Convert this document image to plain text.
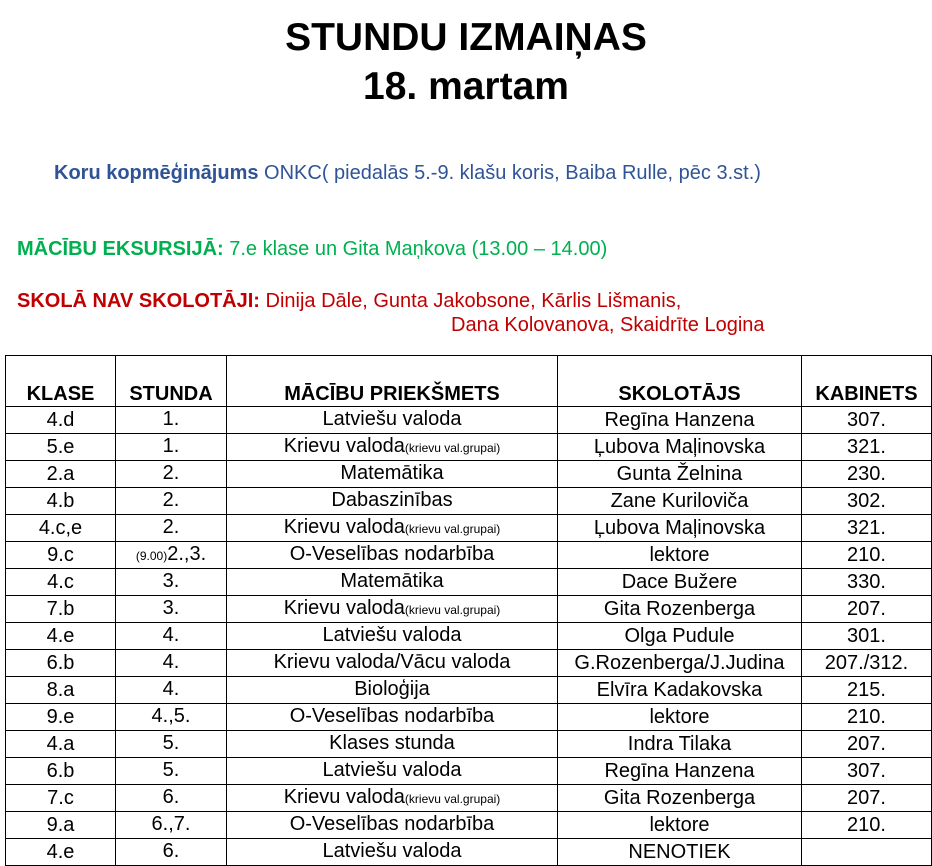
STUNDU IZMAIŅAS
18. martam
Koru kopmēģinājums ONKC( piedalās 5.-9. klašu koris, Baiba Rulle, pēc 3.st.)
MĀCĪBU EKSURSIJĀ: 7.e klase un Gita Maņkova (13.00 – 14.00)
SKOLĀ NAV SKOLOTĀJI: Dinija Dāle, Gunta Jakobsone, Kārlis Lišmanis,
Dana Kolovanova, Skaidrīte Logina
KLASE	STUNDA	MĀCĪBU PRIEKŠMETS	SKOLOTĀJS	KABINETS
4.d	1.	Latviešu valoda	Regīna Hanzena	307.
5.e	1.	Krievu valoda(krievu val.grupai)	Ļubova Maļinovska	321.
2.a	2.	Matemātika	Gunta Želnina	230.
4.b	2.	Dabaszinības	Zane Kuriloviča	302.
4.c,e	2.	Krievu valoda(krievu val.grupai)	Ļubova Maļinovska	321.
9.c	(9.00)2.,3.	O-Veselības nodarbība	lektore	210.
4.c	3.	Matemātika	Dace Bužere	330.
7.b	3.	Krievu valoda(krievu val.grupai)	Gita Rozenberga	207.
4.e	4.	Latviešu valoda	Olga Pudule	301.
6.b	4.	Krievu valoda/Vācu valoda	G.Rozenberga/J.Judina	207./312.
8.a	4.	Bioloģija	Elvīra Kadakovska	215.
9.e	4.,5.	O-Veselības nodarbība	lektore	210.
4.a	5.	Klases stunda	Indra Tilaka	207.
6.b	5.	Latviešu valoda	Regīna Hanzena	307.
7.c	6.	Krievu valoda(krievu val.grupai)	Gita Rozenberga	207.
9.a	6.,7.	O-Veselības nodarbība	lektore	210.
4.e	6.	Latviešu valoda	NENOTIEK	
